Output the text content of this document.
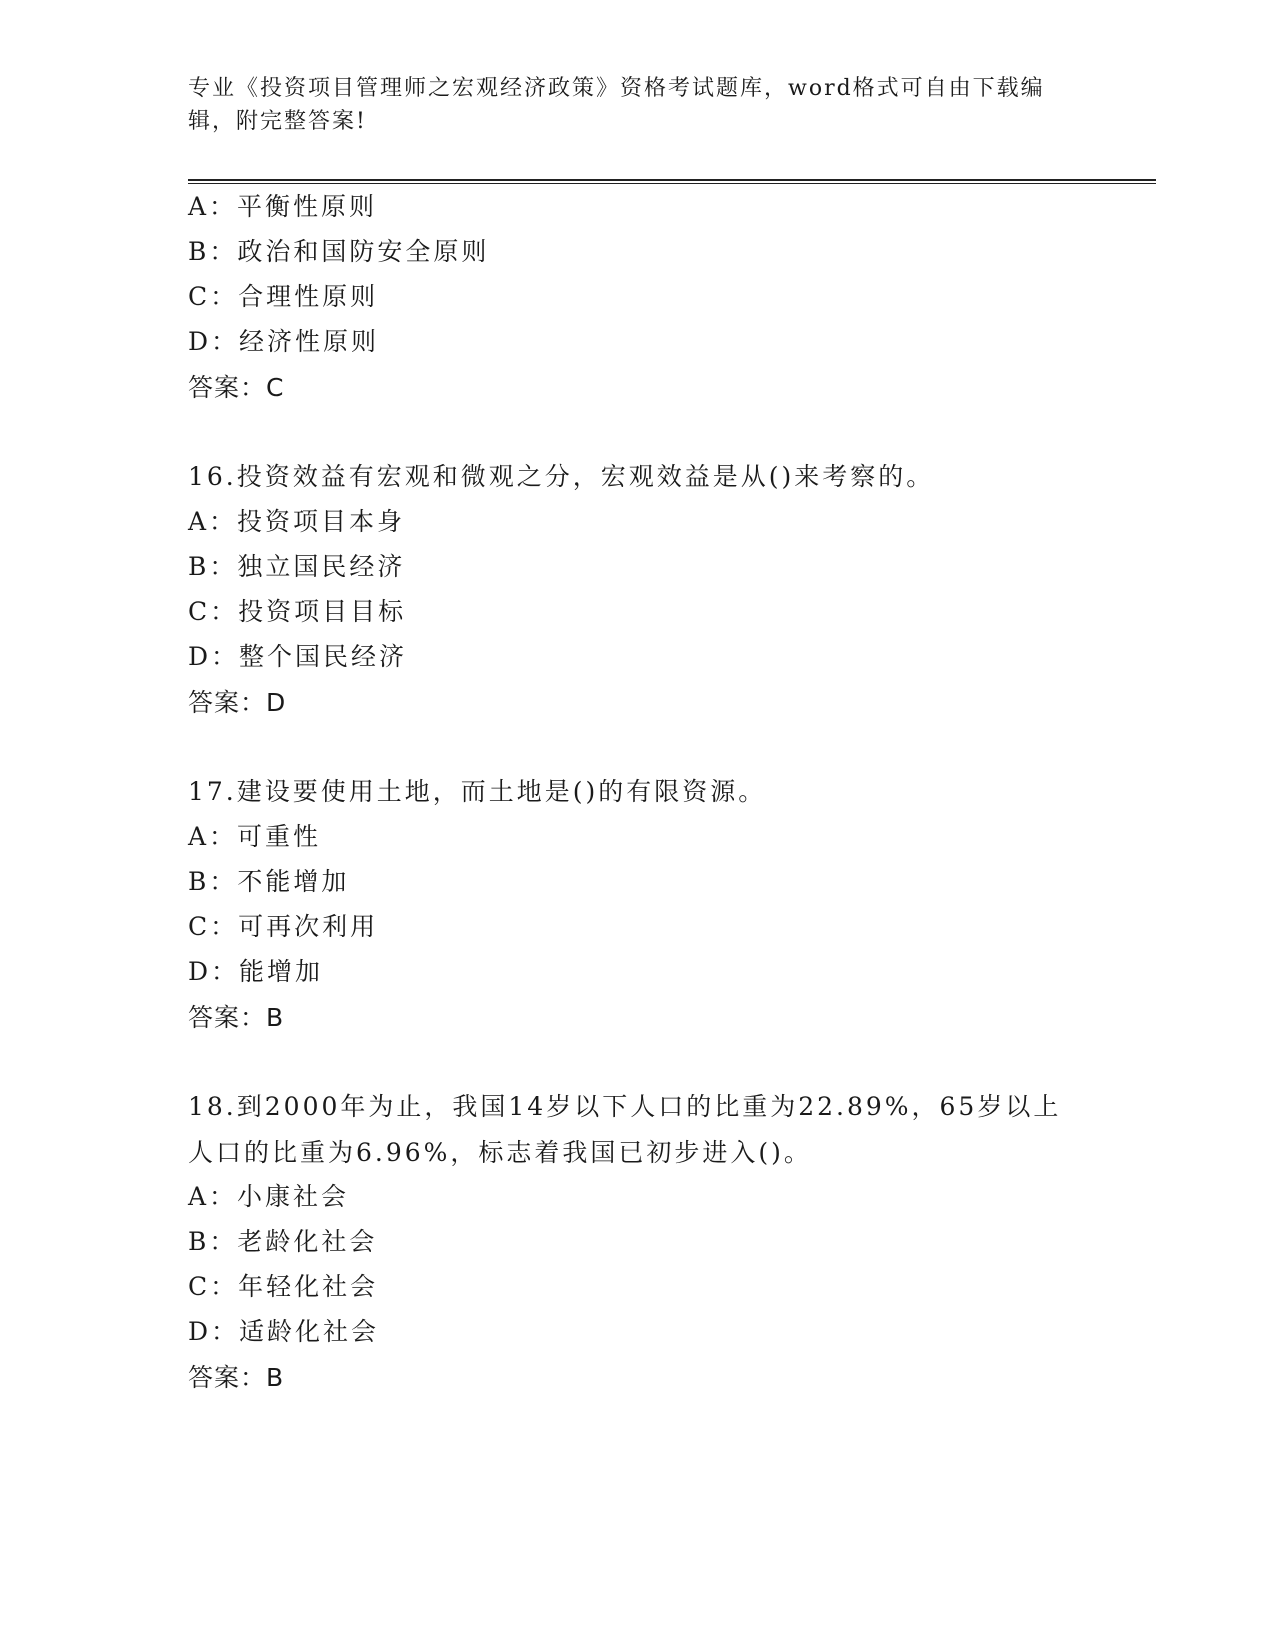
专业《投资项目管理师之宏观经济政策》资格考试题库，word格式可自由下载编
辑，附完整答案!
A：平衡性原则
B：政治和国防安全原则
C：合理性原则
D：经济性原则
答案：C
16.投资效益有宏观和微观之分，宏观效益是从()来考察的。
A：投资项目本身
B：独立国民经济
C：投资项目目标
D：整个国民经济
答案：D
17.建设要使用土地，而土地是()的有限资源。
A：可重性
B：不能增加
C：可再次利用
D：能增加
答案：B
18.到2000年为止，我国14岁以下人口的比重为22.89%，65岁以上人口的比重为6.96%，标志着我国已初步进入()。
A：小康社会
B：老龄化社会
C：年轻化社会
D：适龄化社会
答案：B
